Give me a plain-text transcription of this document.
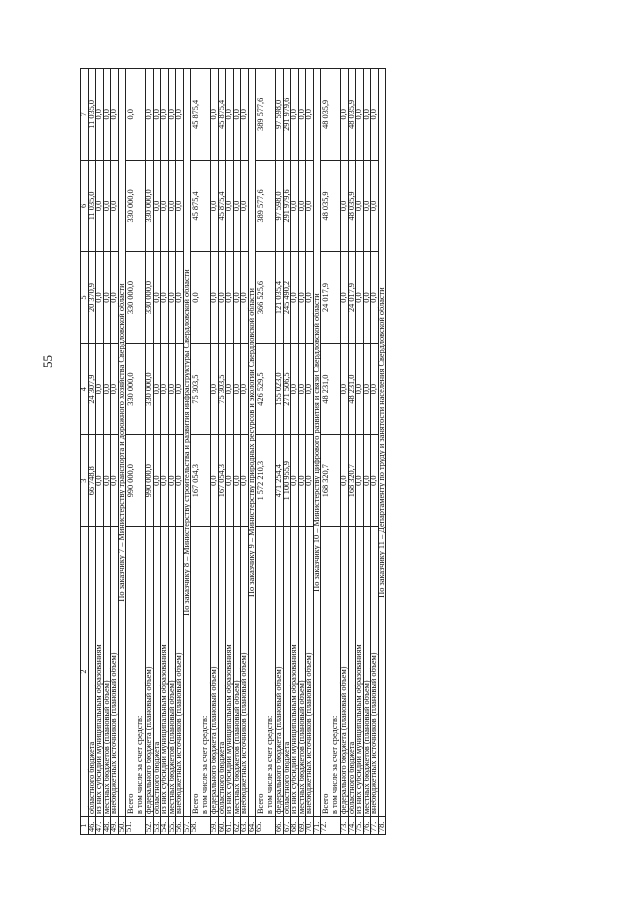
55
1	2	3	4	5	6	7
46.	областного бюджета	66 748,8	24 307,9	20 370,9	11 035,0	11 035,0
47.	из них субсидии муниципальным образованиям	0,0	0,0	0,0	0,0	0,0
48.	местных бюджетов (плановый объем)	0,0	0,0	0,0	0,0	0,0
49.	внебюджетных источников (плановый объем)	0,0	0,0	0,0	0,0	0,0
50.	По заказчику 7 – Министерству транспорта и дорожного хозяйства Свердловской области					
51.	Всего в том числе за счет средств:	990 000,0	330 000,0	330 000,0	330 000,0	0,0
52.	федерального бюджета (плановый объем)	990 000,0	330 000,0	330 000,0	330 000,0	0,0
53.	областного бюджета	0,0	0,0	0,0	0,0	0,0
54.	из них субсидии муниципальным образованиям	0,0	0,0	0,0	0,0	0,0
55.	местных бюджетов (плановый объем)	0,0	0,0	0,0	0,0	0,0
56.	внебюджетных источников (плановый объем)	0,0	0,0	0,0	0,0	0,0
57.	По заказчику 8 – Министерству строительства и развития инфраструктуры Свердловской области					
58.	Всего в том числе за счет средств:	167 054,3	75 303,5	0,0	45 875,4	45 875,4
59.	федерального бюджета (плановый объем)	0,0	0,0	0,0	0,0	0,0
60.	областного бюджета	167 054,3	75 303,5	0,0	45 875,4	45 875,4
61.	из них субсидии муниципальным образованиям	0,0	0,0	0,0	0,0	0,0
62.	местных бюджетов (плановый объем)	0,0	0,0	0,0	0,0	0,0
63.	внебюджетных источников (плановый объем)	0,0	0,0	0,0	0,0	0,0
64.	По заказчику 9 – Министерству природных ресурсов и экологии Свердловской области					
65.	Всего в том числе за счет средств:	1 572 210,3	426 529,5	366 525,6	389 577,6	389 577,6
66.	федерального бюджета (плановый объем)	471 254,4	155 023,0	121 035,4	97 598,0	97 598,0
67.	областного бюджета	1 100 955,9	271 506,5	245 490,2	291 979,6	291 979,6
68.	из них субсидии муниципальным образованиям	0,0	0,0	0,0	0,0	0,0
69.	местных бюджетов (плановый объем)	0,0	0,0	0,0	0,0	0,0
70.	внебюджетных источников (плановый объем)	0,0	0,0	0,0	0,0	0,0
71.	По заказчику 10 – Министерству цифрового развития и связи Свердловской области					
72.	Всего в том числе за счет средств:	168 320,7	48 231,0	24 017,9	48 035,9	48 035,9
73.	федерального бюджета (плановый объем)	0,0	0,0	0,0	0,0	0,0
74.	областного бюджета	168 320,7	48 231,0	24 017,9	48 035,9	48 035,9
75.	из них субсидии муниципальным образованиям	0,0	0,0	0,0	0,0	0,0
76.	местных бюджетов (плановый объем)	0,0	0,0	0,0	0,0	0,0
77.	внебюджетных источников (плановый объем)	0,0	0,0	0,0	0,0	0,0
78.	По заказчику 11 – Департаменту по труду и занятости населения Свердловской области					
